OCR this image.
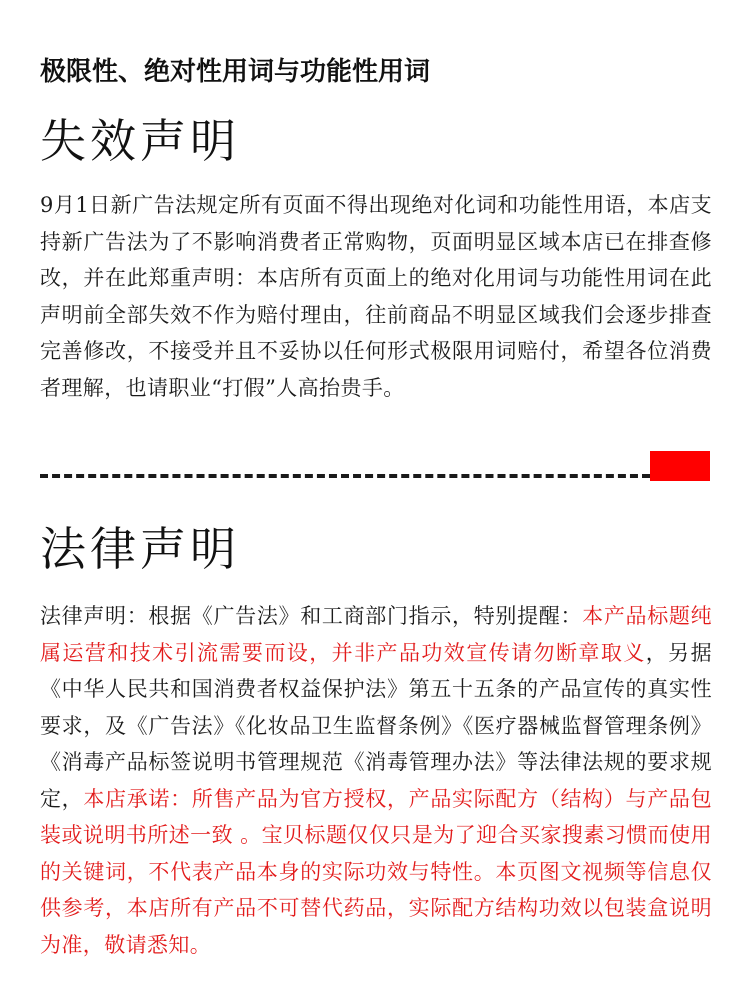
极限性、绝对性用词与功能性用词
失效声明
9月1日新广告法规定所有页面不得出现绝对化词和功能性用语，本店支持新广告法为了不影响消费者正常购物，页面明显区域本店已在排查修改，并在此郑重声明：本店所有页面上的绝对化用词与功能性用词在此声明前全部失效不作为赔付理由，往前商品不明显区域我们会逐步排查完善修改，不接受并且不妥协以任何形式极限用词赔付，希望各位消费者理解，也请职业“打假”人高抬贵手。
法律声明
法律声明：根据《广告法》和工商部门指示，特别提醒：本产品标题纯属运营和技术引流需要而设，并非产品功效宣传请勿断章取义，另据《中华人民共和国消费者权益保护法》第五十五条的产品宣传的真实性要求，及《广告法》《化妆品卫生监督条例》《医疗器械监督管理条例》《消毒产品标签说明书管理规范《消毒管理办法》等法律法规的要求规定，本店承诺：所售产品为官方授权，产品实际配方（结构）与产品包装或说明书所述一致 。宝贝标题仅仅只是为了迎合买家搜素习惯而使用的关键词，不代表产品本身的实际功效与特性。本页图文视频等信息仅供参考，本店所有产品不可替代药品，实际配方结构功效以包装盒说明为准，敬请悉知。
